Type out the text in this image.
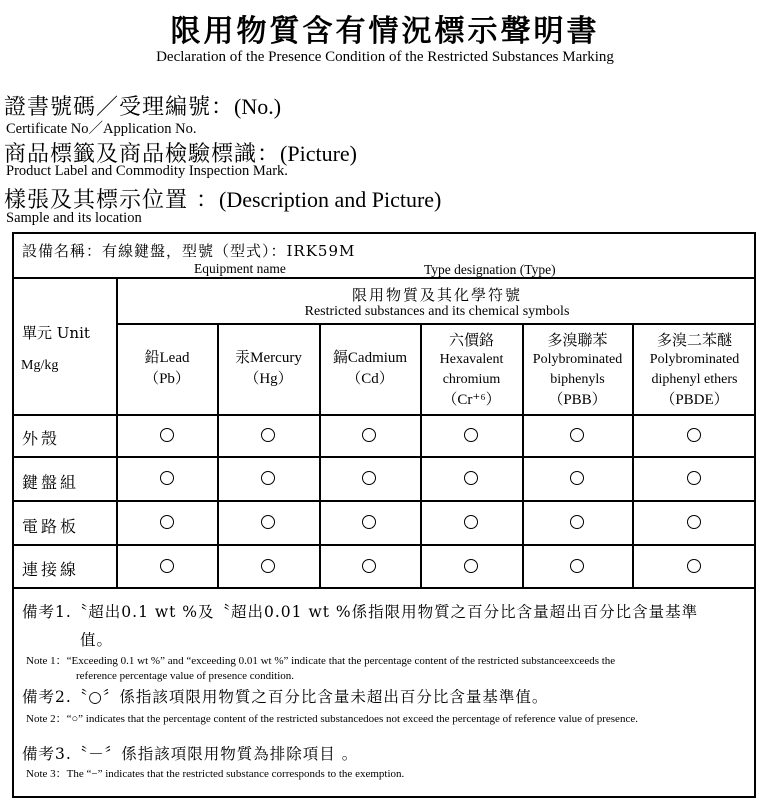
限用物質含有情況標示聲明書
Declaration of the Presence Condition of the Restricted Substances Marking
證書號碼／受理編號：(No.)
Certificate No／Application No.
商品標籤及商品檢驗標識：(Picture)
Product Label and Commodity Inspection Mark.
樣張及其標示位置 ：(Description and Picture)
Sample and its location
設備名稱：有線鍵盤，型號（型式）：IRK59M
Equipment name	Type designation (Type)
單元 Unit
Mg/kg
限用物質及其化學符號
Restricted substances and its chemical symbols
鉛Lead
（Pb）
汞Mercury
（Hg）
鎘Cadmium
（Cd）
六價鉻
Hexavalent
chromium
（Cr⁺⁶）
多溴聯苯
Polybrominated
biphenyls
（PBB）
多溴二苯醚
Polybrominated
diphenyl ethers
（PBDE）
外殼
鍵盤組
電路板
連接線
備考1.〝超出0.1 wt %及〝超出0.01 wt %係指限用物質之百分比含量超出百分比含量基準
值。
Note 1：“Exceeding 0.1 wt %” and “exceeding 0.01 wt %” indicate that the percentage content of the restricted substanceexceeds the
reference percentage value of presence condition.
備考2.〝○〞係指該項限用物質之百分比含量未超出百分比含量基準值。
Note 2：“○” indicates that the percentage content of the restricted substancedoes not exceed the percentage of reference value of presence.
備考3.〝－〞係指該項限用物質為排除項目 。
Note 3：The “−” indicates that the restricted substance corresponds to the exemption.
